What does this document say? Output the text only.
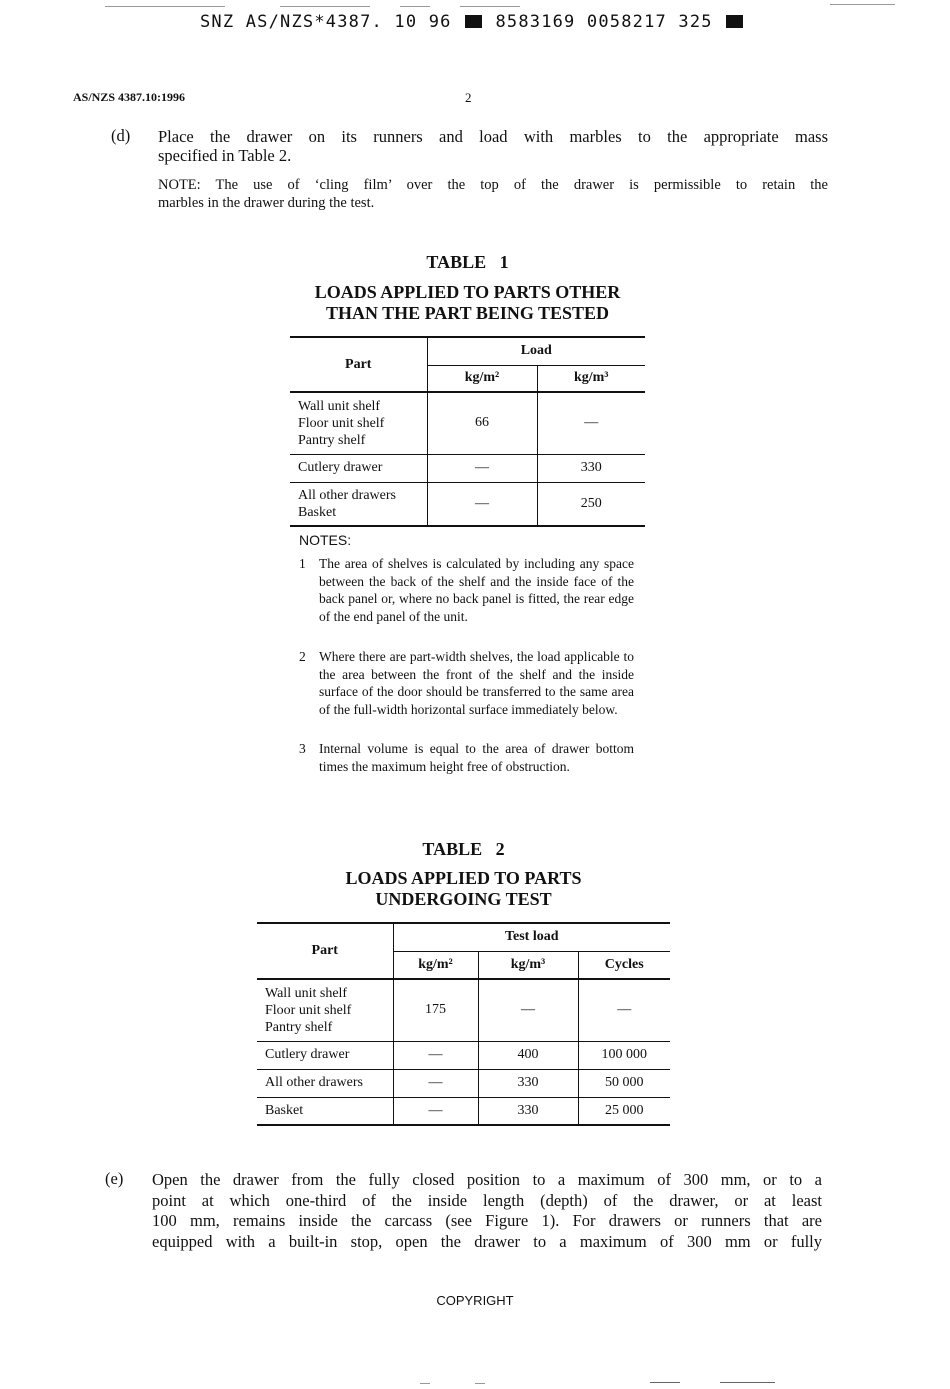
SNZ AS/NZS*4387. 10 96	8583169 0058217 325
AS/NZS 4387.10:1996	2
(d) Place the drawer on its runners and load with marbles to the appropriate mass
specified in Table 2.
NOTE: The use of ‘cling film’ over the top of the drawer is permissible to retain the
marbles in the drawer during the test.
TABLE   1
LOADS APPLIED TO PARTS OTHER
THAN THE PART BEING TESTED
Part	Load	
	kg/m²	kg/m³

Wall unit shelf
Floor unit shelf
Pantry shelf	66	—
Cutlery drawer	—	330

All other drawers
Basket	—	250
NOTES:
1 The area of shelves is calculated by including any space between the back of the shelf and the inside face of the back panel or, where no back panel is fitted, the rear edge of the end panel of the unit.
2 Where there are part-width shelves, the load applicable to the area between the front of the shelf and the inside surface of the door should be transferred to the same area of the full-width horizontal surface immediately below.
3 Internal volume is equal to the area of drawer bottom times the maximum height free of obstruction.
TABLE   2
LOADS APPLIED TO PARTS
UNDERGOING TEST
Part	Test load		
	kg/m²	kg/m³	Cycles

Wall unit shelf
Floor unit shelf
Pantry shelf	175	—	—
Cutlery drawer	—	400	100 000
All other drawers	—	330	50 000
Basket	—	330	25 000
(e) Open the drawer from the fully closed position to a maximum of 300 mm, or to a
point at which one-third of the inside length (depth) of the drawer, or at least
100 mm, remains inside the carcass (see Figure 1). For drawers or runners that are
equipped with a built-in stop, open the drawer to a maximum of 300 mm or fully
COPYRIGHT
